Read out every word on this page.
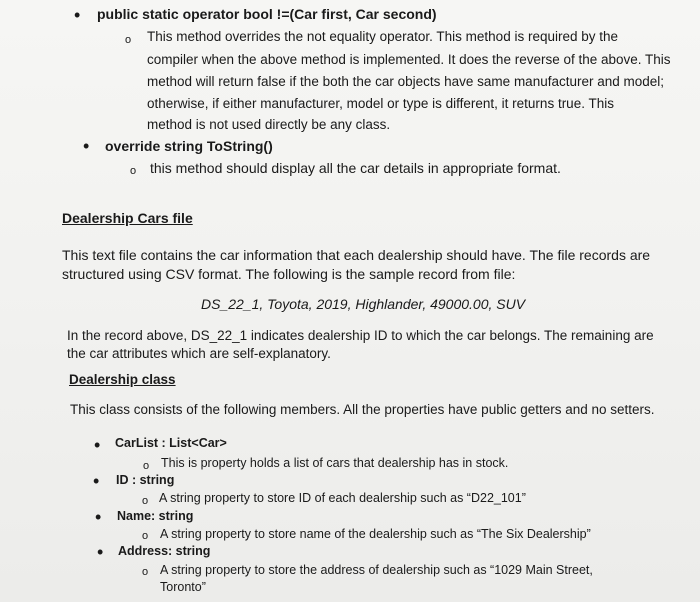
• public static operator bool !=(Car first, Car second)
o This method overrides the not equality operator. This method is required by the
compiler when the above method is implemented. It does the reverse of the above. This
method will return false if the both the car objects have same manufacturer and model;
otherwise, if either manufacturer, model or type is different, it returns true. This
method is not used directly be any class.
• override string ToString()
o this method should display all the car details in appropriate format.
Dealership Cars file
This text file contains the car information that each dealership should have. The file records are
structured using CSV format. The following is the sample record from file:
DS_22_1, Toyota, 2019, Highlander, 49000.00, SUV
In the record above, DS_22_1 indicates dealership ID to which the car belongs. The remaining are
the car attributes which are self-explanatory.
Dealership class
This class consists of the following members. All the properties have public getters and no setters.
• CarList : List<Car>
o This is property holds a list of cars that dealership has in stock.
• ID : string
o A string property to store ID of each dealership such as “D22_101”
• Name: string
o A string property to store name of the dealership such as “The Six Dealership”
• Address: string
o A string property to store the address of dealership such as “1029 Main Street,
Toronto”
